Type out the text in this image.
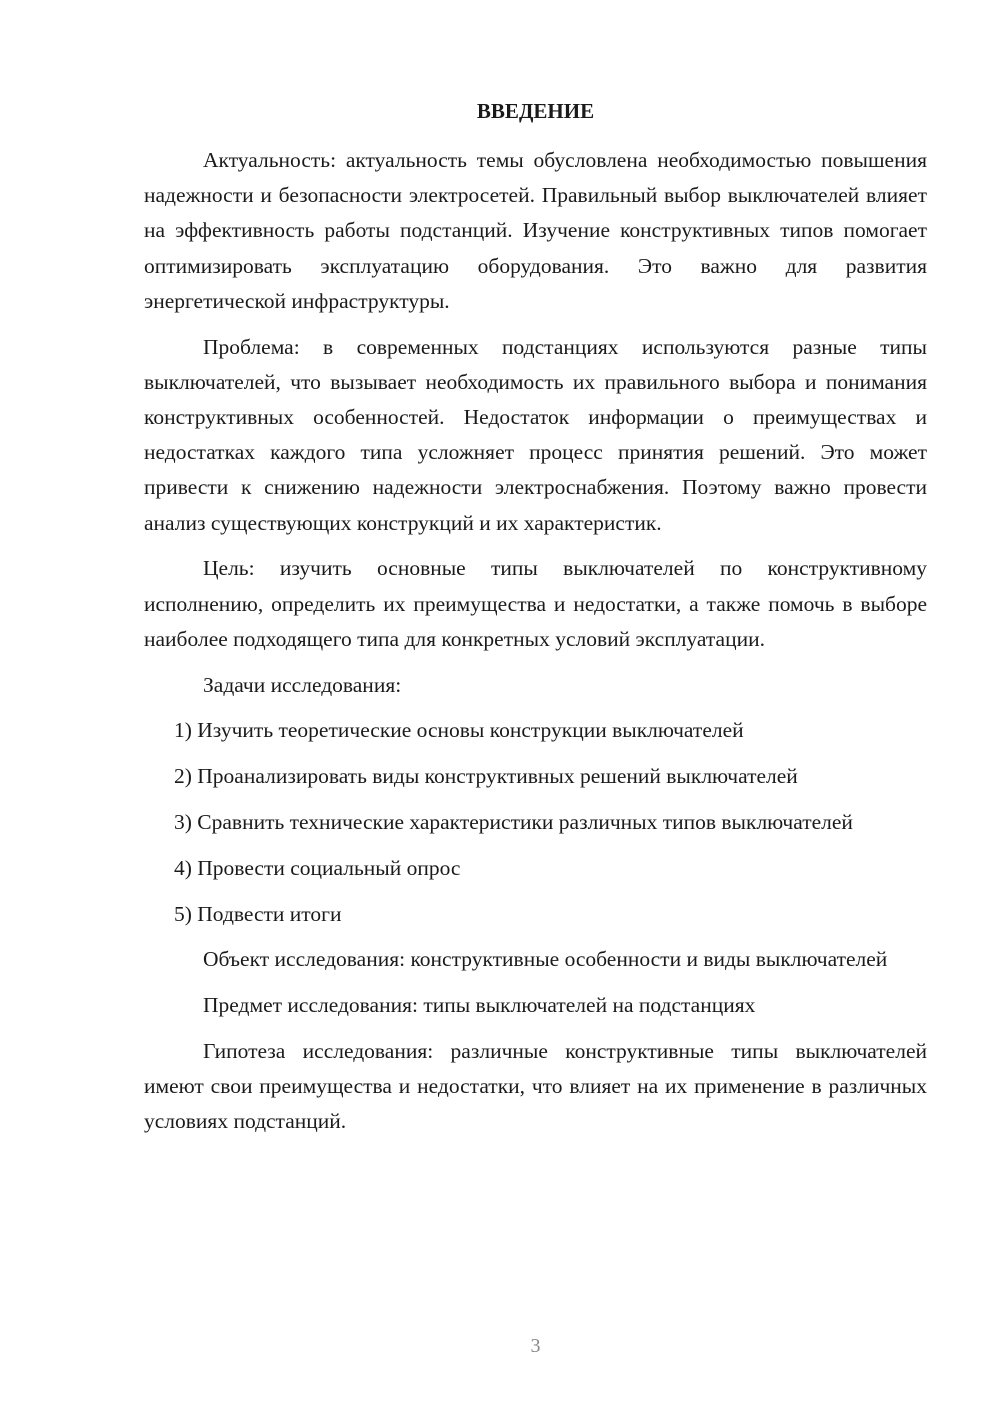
ВВЕДЕНИЕ

Актуальность: актуальность темы обусловлена необходимостью повышения надежности и безопасности электросетей. Правильный выбор выключателей влияет на эффективность работы подстанций. Изучение конструктивных типов помогает оптимизировать эксплуатацию оборудования. Это важно для развития энергетической инфраструктуры.

Проблема: в современных подстанциях используются разные типы выключателей, что вызывает необходимость их правильного выбора и понимания конструктивных особенностей. Недостаток информации о преимуществах и недостатках каждого типа усложняет процесс принятия решений. Это может привести к снижению надежности электроснабжения. Поэтому важно провести анализ существующих конструкций и их характеристик.

Цель: изучить основные типы выключателей по конструктивному исполнению, определить их преимущества и недостатки, а также помочь в выборе наиболее подходящего типа для конкретных условий эксплуатации.

Задачи исследования:

1) Изучить теоретические основы конструкции выключателей

2) Проанализировать виды конструктивных решений выключателей

3) Сравнить технические характеристики различных типов выключателей

4) Провести социальный опрос

5) Подвести итоги

Объект исследования: конструктивные особенности и виды выключателей

Предмет исследования: типы выключателей на подстанциях

Гипотеза исследования: различные конструктивные типы выключателей имеют свои преимущества и недостатки, что влияет на их применение в различных условиях подстанций.

3
